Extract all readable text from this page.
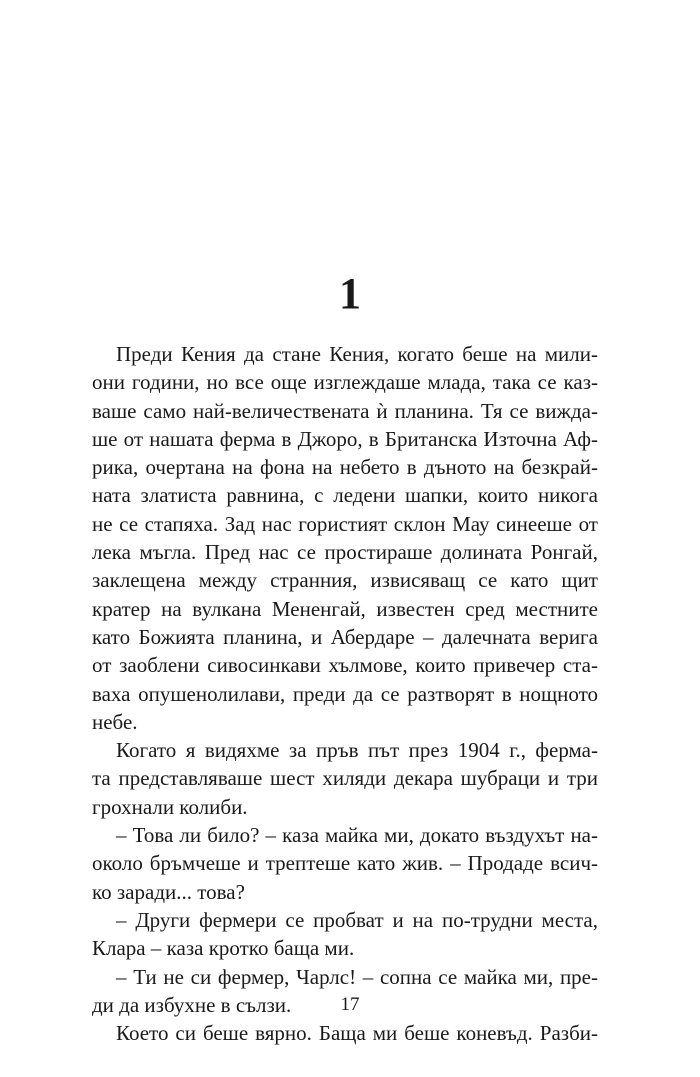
1
Преди Кения да стане Кения, когато беше на мили-
они години, но все още изглеждаше млада, така се каз-
ваше само най-величествената ѝ планина. Тя се вижда-
ше от нашата ферма в Джоро, в Британска Източна Аф-
рика, очертана на фона на небето в дъното на безкрай-
ната златиста равнина, с ледени шапки, които никога
не се стапяха. Зад нас гористият склон Мау синееше от
лека мъгла. Пред нас се простираше долината Ронгай,
заклещена между странния, извисяващ се като щит
кратер на вулкана Мененгай, известен сред местните
като Божията планина, и Абердаре – далечната верига
от заоблени сивосинкави хълмове, които привечер ста-
ваха опушенолилави, преди да се разтворят в нощното
небе.
Когато я видяхме за пръв път през 1904 г., ферма-
та представляваше шест хиляди декара шубраци и три
грохнали колиби.
– Това ли било? – каза майка ми, докато въздухът на-
около бръмчеше и трептеше като жив. – Продаде всич-
ко заради... това?
– Други фермери се пробват и на по-трудни места,
Клара – каза кротко баща ми.
– Ти не си фермер, Чарлс! – сопна се майка ми, пре-
ди да избухне в сълзи.
Което си беше вярно. Баща ми беше коневъд. Разби-
17
